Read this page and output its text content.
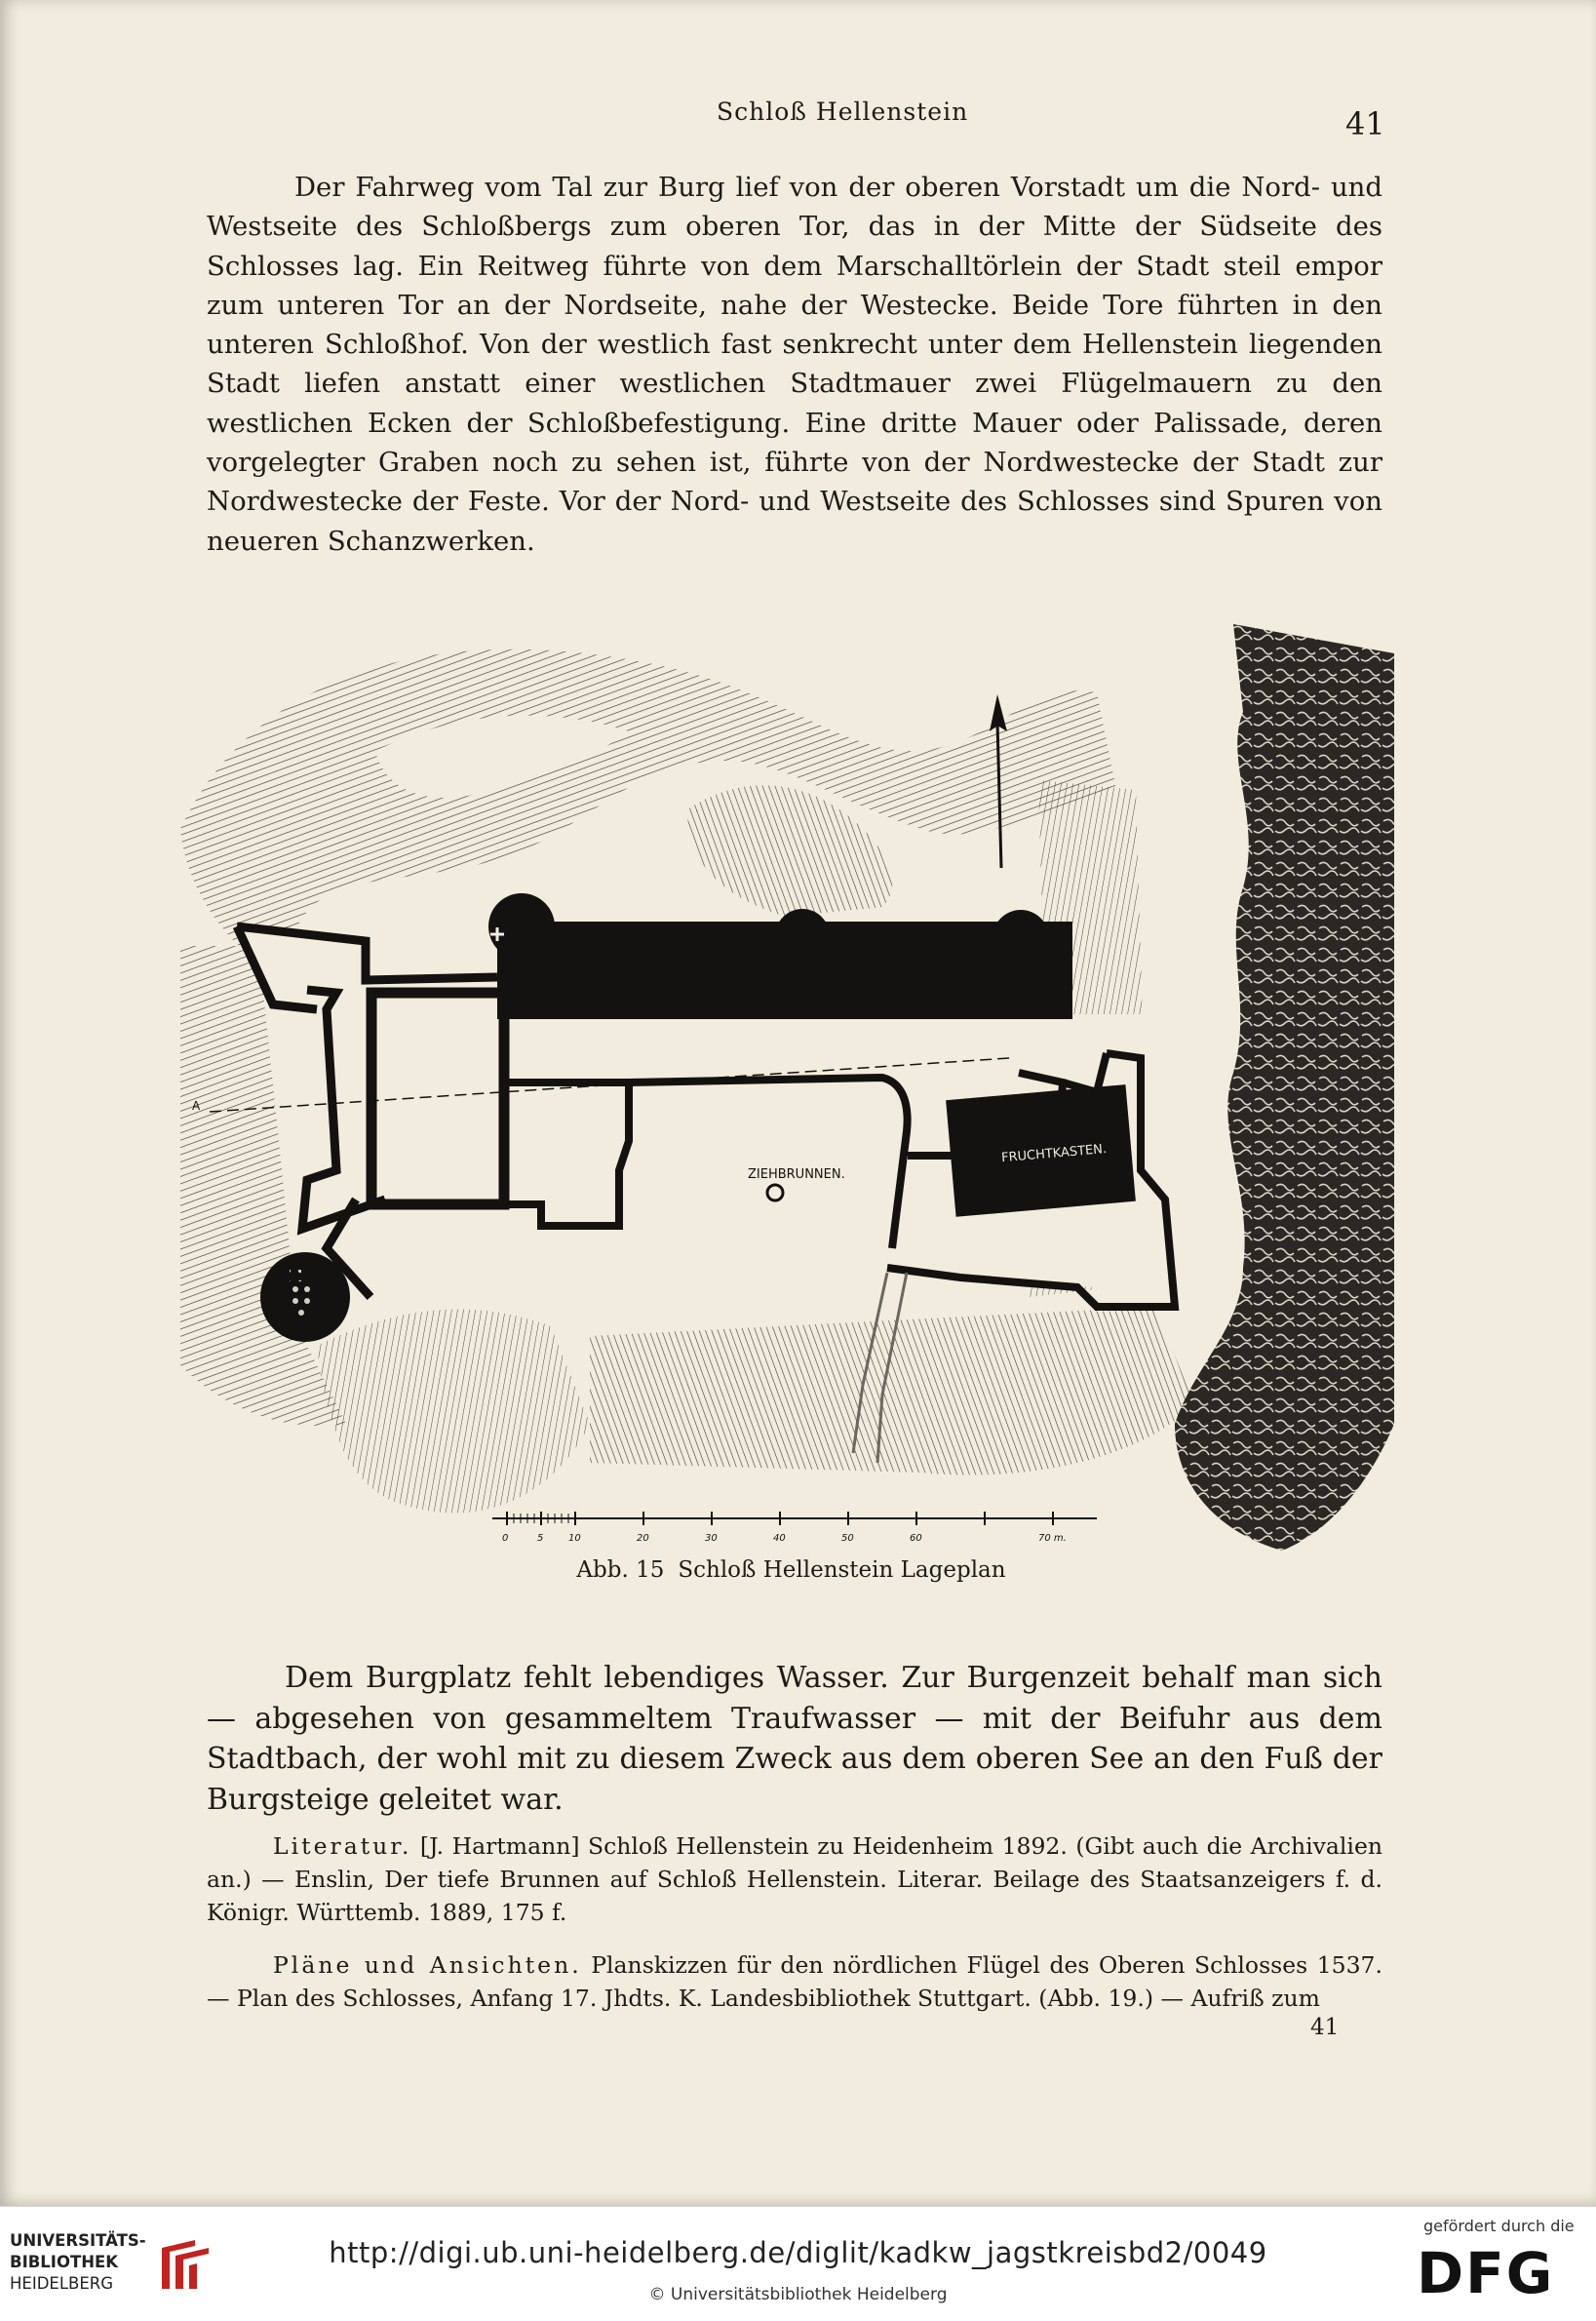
Schloß Hellenstein	41
Der Fahrweg vom Tal zur Burg lief von der oberen Vorstadt um die Nord- und Westseite des Schloßbergs zum oberen Tor, das in der Mitte der Südseite des Schlosses lag. Ein Reitweg führte von dem Marschalltörlein der Stadt steil empor zum unteren Tor an der Nordseite, nahe der Westecke. Beide Tore führten in den unteren Schloßhof. Von der westlich fast senkrecht unter dem Hellenstein liegenden Stadt liefen anstatt einer westlichen Stadtmauer zwei Flügelmauern zu den westlichen Ecken der Schloßbefestigung. Eine dritte Mauer oder Palissade, deren vorgelegter Graben noch zu sehen ist, führte von der Nordwestecke der Stadt zur Nordwestecke der Feste. Vor der Nord- und Westseite des Schlosses sind Spuren von neueren Schanzwerken.
ZIEHBRUNNEN.
FRUCHTKASTEN.
Turm
A
0	5	10	20	30	40	50	60	70 m.
Abb. 15 Schloß Hellenstein Lageplan
Dem Burgplatz fehlt lebendiges Wasser. Zur Burgenzeit behalf man sich — abgesehen von gesammeltem Traufwasser — mit der Beifuhr aus dem Stadtbach, der wohl mit zu diesem Zweck aus dem oberen See an den Fuß der Burgsteige geleitet war.
Literatur. [J. Hartmann] Schloß Hellenstein zu Heidenheim 1892. (Gibt auch die Archivalien an.) — Enslin, Der tiefe Brunnen auf Schloß Hellenstein. Literar. Beilage des Staatsanzeigers f. d. Königr. Württemb. 1889, 175 f.
Pläne und Ansichten. Planskizzen für den nördlichen Flügel des Oberen Schlosses 1537. — Plan des Schlosses, Anfang 17. Jhdts. K. Landesbibliothek Stuttgart. (Abb. 19.) — Aufriß zum
41
UNIVERSITÄTS-
BIBLIOTHEK
HEIDELBERG
http://digi.ub.uni-heidelberg.de/diglit/kadkw_jagstkreisbd2/0049
© Universitätsbibliothek Heidelberg
gefördert durch die
DFG
